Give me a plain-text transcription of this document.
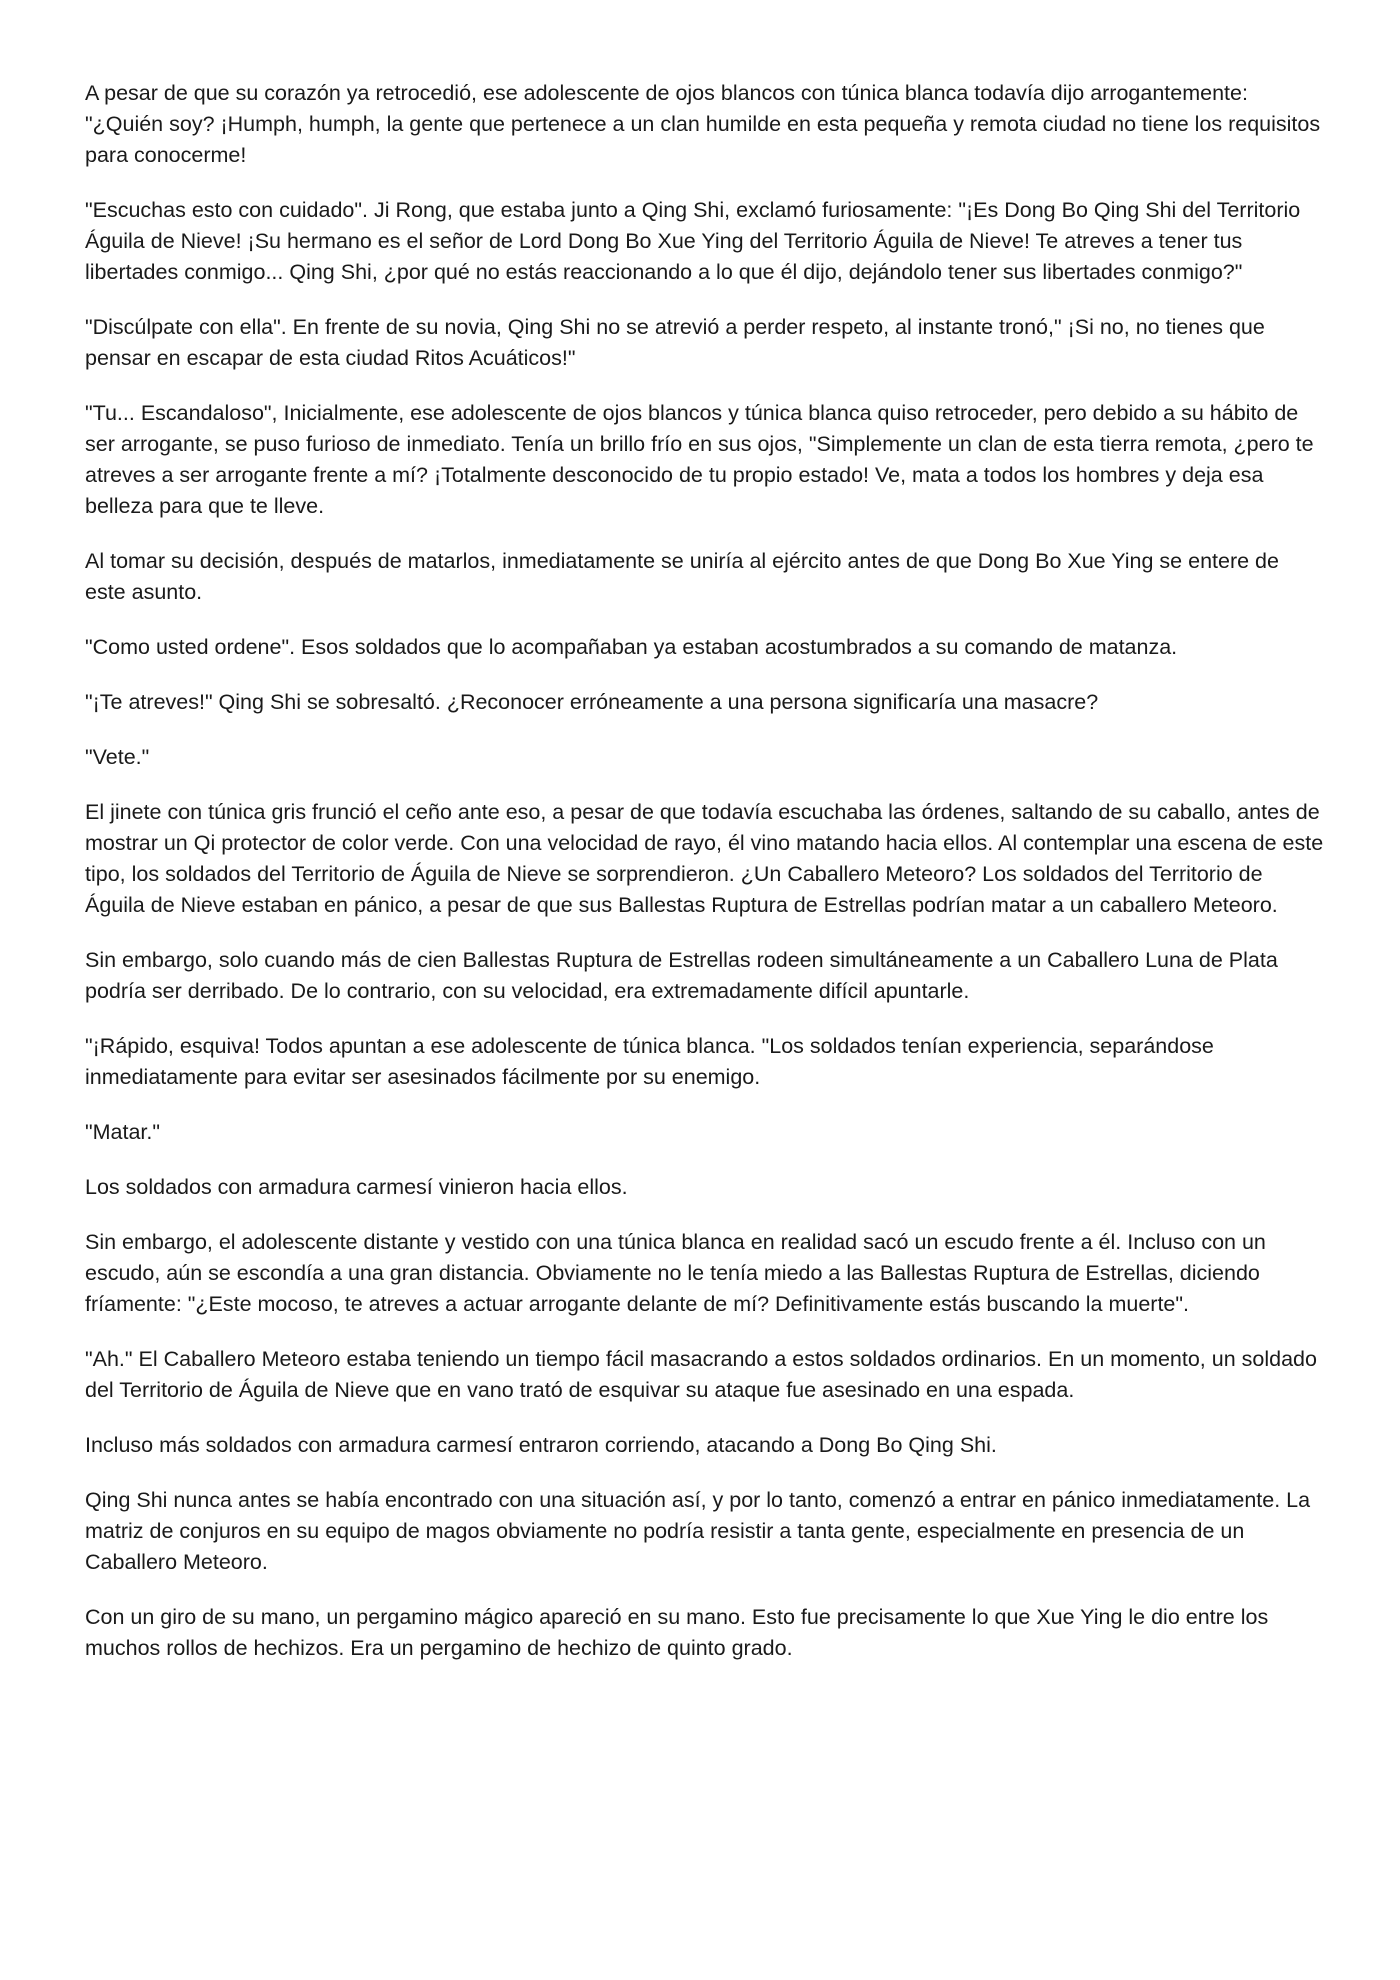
A pesar de que su corazón ya retrocedió, ese adolescente de ojos blancos con túnica blanca todavía dijo arrogantemente: "¿Quién soy? ¡Humph, humph, la gente que pertenece a un clan humilde en esta pequeña y remota ciudad no tiene los requisitos para conocerme!

"Escuchas esto con cuidado". Ji Rong, que estaba junto a Qing Shi, exclamó furiosamente: "¡Es Dong Bo Qing Shi del Territorio Águila de Nieve! ¡Su hermano es el señor de Lord Dong Bo Xue Ying del Territorio Águila de Nieve! Te atreves a tener tus libertades conmigo... Qing Shi, ¿por qué no estás reaccionando a lo que él dijo, dejándolo tener sus libertades conmigo?"

"Discúlpate con ella". En frente de su novia, Qing Shi no se atrevió a perder respeto, al instante tronó," ¡Si no, no tienes que pensar en escapar de esta ciudad Ritos Acuáticos!"

"Tu... Escandaloso", Inicialmente, ese adolescente de ojos blancos y túnica blanca quiso retroceder, pero debido a su hábito de ser arrogante, se puso furioso de inmediato. Tenía un brillo frío en sus ojos, "Simplemente un clan de esta tierra remota, ¿pero te atreves a ser arrogante frente a mí? ¡Totalmente desconocido de tu propio estado! Ve, mata a todos los hombres y deja esa belleza para que te lleve.

Al tomar su decisión, después de matarlos, inmediatamente se uniría al ejército antes de que Dong Bo Xue Ying se entere de este asunto.

"Como usted ordene". Esos soldados que lo acompañaban ya estaban acostumbrados a su comando de matanza.

"¡Te atreves!" Qing Shi se sobresaltó. ¿Reconocer erróneamente a una persona significaría una masacre?

"Vete."

El jinete con túnica gris frunció el ceño ante eso, a pesar de que todavía escuchaba las órdenes, saltando de su caballo, antes de mostrar un Qi protector de color verde. Con una velocidad de rayo, él vino matando hacia ellos. Al contemplar una escena de este tipo, los soldados del Territorio de Águila de Nieve se sorprendieron. ¿Un Caballero Meteoro? Los soldados del Territorio de Águila de Nieve estaban en pánico, a pesar de que sus Ballestas Ruptura de Estrellas podrían matar a un caballero Meteoro.

Sin embargo, solo cuando más de cien Ballestas Ruptura de Estrellas rodeen simultáneamente a un Caballero Luna de Plata podría ser derribado. De lo contrario, con su velocidad, era extremadamente difícil apuntarle.

"¡Rápido, esquiva! Todos apuntan a ese adolescente de túnica blanca. "Los soldados tenían experiencia, separándose inmediatamente para evitar ser asesinados fácilmente por su enemigo.

"Matar."

Los soldados con armadura carmesí vinieron hacia ellos.

Sin embargo, el adolescente distante y vestido con una túnica blanca en realidad sacó un escudo frente a él. Incluso con un escudo, aún se escondía a una gran distancia. Obviamente no le tenía miedo a las Ballestas Ruptura de Estrellas, diciendo fríamente: "¿Este mocoso, te atreves a actuar arrogante delante de mí? Definitivamente estás buscando la muerte".

"Ah." El Caballero Meteoro estaba teniendo un tiempo fácil masacrando a estos soldados ordinarios. En un momento, un soldado del Territorio de Águila de Nieve que en vano trató de esquivar su ataque fue asesinado en una espada.

Incluso más soldados con armadura carmesí entraron corriendo, atacando a Dong Bo Qing Shi.

Qing Shi nunca antes se había encontrado con una situación así, y por lo tanto, comenzó a entrar en pánico inmediatamente. La matriz de conjuros en su equipo de magos obviamente no podría resistir a tanta gente, especialmente en presencia de un Caballero Meteoro.

Con un giro de su mano, un pergamino mágico apareció en su mano. Esto fue precisamente lo que Xue Ying le dio entre los muchos rollos de hechizos. Era un pergamino de hechizo de quinto grado.
